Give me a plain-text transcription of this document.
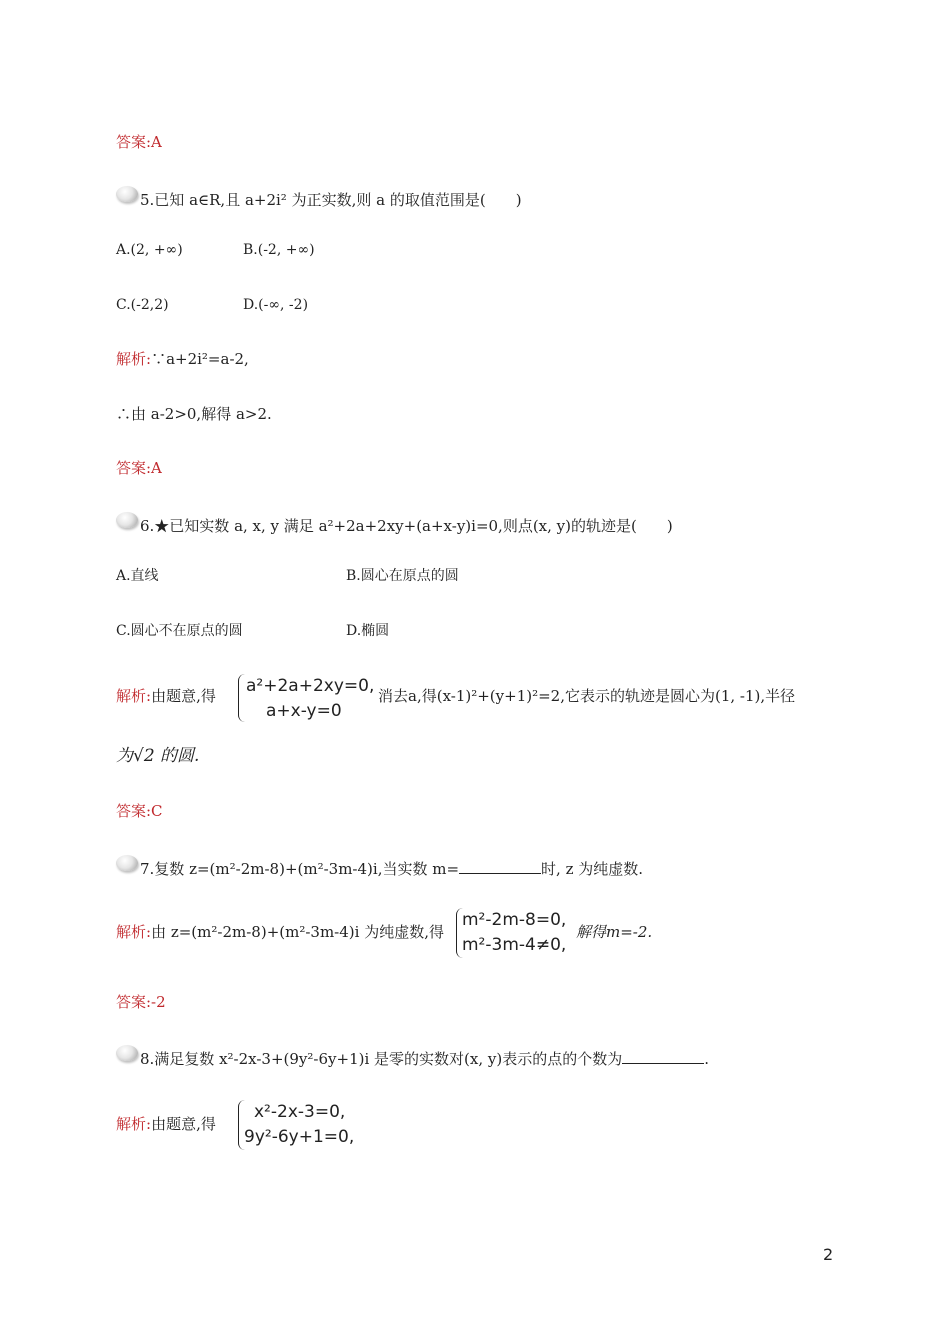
答案:A
5.已知 a∈R,且 a+2i² 为正实数,则 a 的取值范围是(　　)
A.(2, +∞)	B.(-2, +∞)
C.(-2,2)	D.(-∞, -2)
解析:∵a+2i²=a-2,
∴由 a-2>0,解得 a>2.
答案:A
6.★已知实数 a, x, y 满足 a²+2a+2xy+(a+x-y)i=0,则点(x, y)的轨迹是(　　)
A.直线	B.圆心在原点的圆
C.圆心不在原点的圆	D.椭圆
解析:由题意,得 a²+2a+2xy=0,
a+x-y=0
消去a,得(x-1)²+(y+1)²=2,它表示的轨迹是圆心为(1, -1),半径
为√2 的圆.
答案:C
7.复数 z=(m²-2m-8)+(m²-3m-4)i,当实数 m=	时, z 为纯虚数.
解析:由 z=(m²-2m-8)+(m²-3m-4)i 为纯虚数,得
m²-2m-8=0,
m²-3m-4≠0,
解得m=-2.
答案:-2
8.满足复数 x²-2x-3+(9y²-6y+1)i 是零的实数对(x, y)表示的点的个数为	.
解析:由题意,得
x²-2x-3=0,
9y²-6y+1=0,
2
